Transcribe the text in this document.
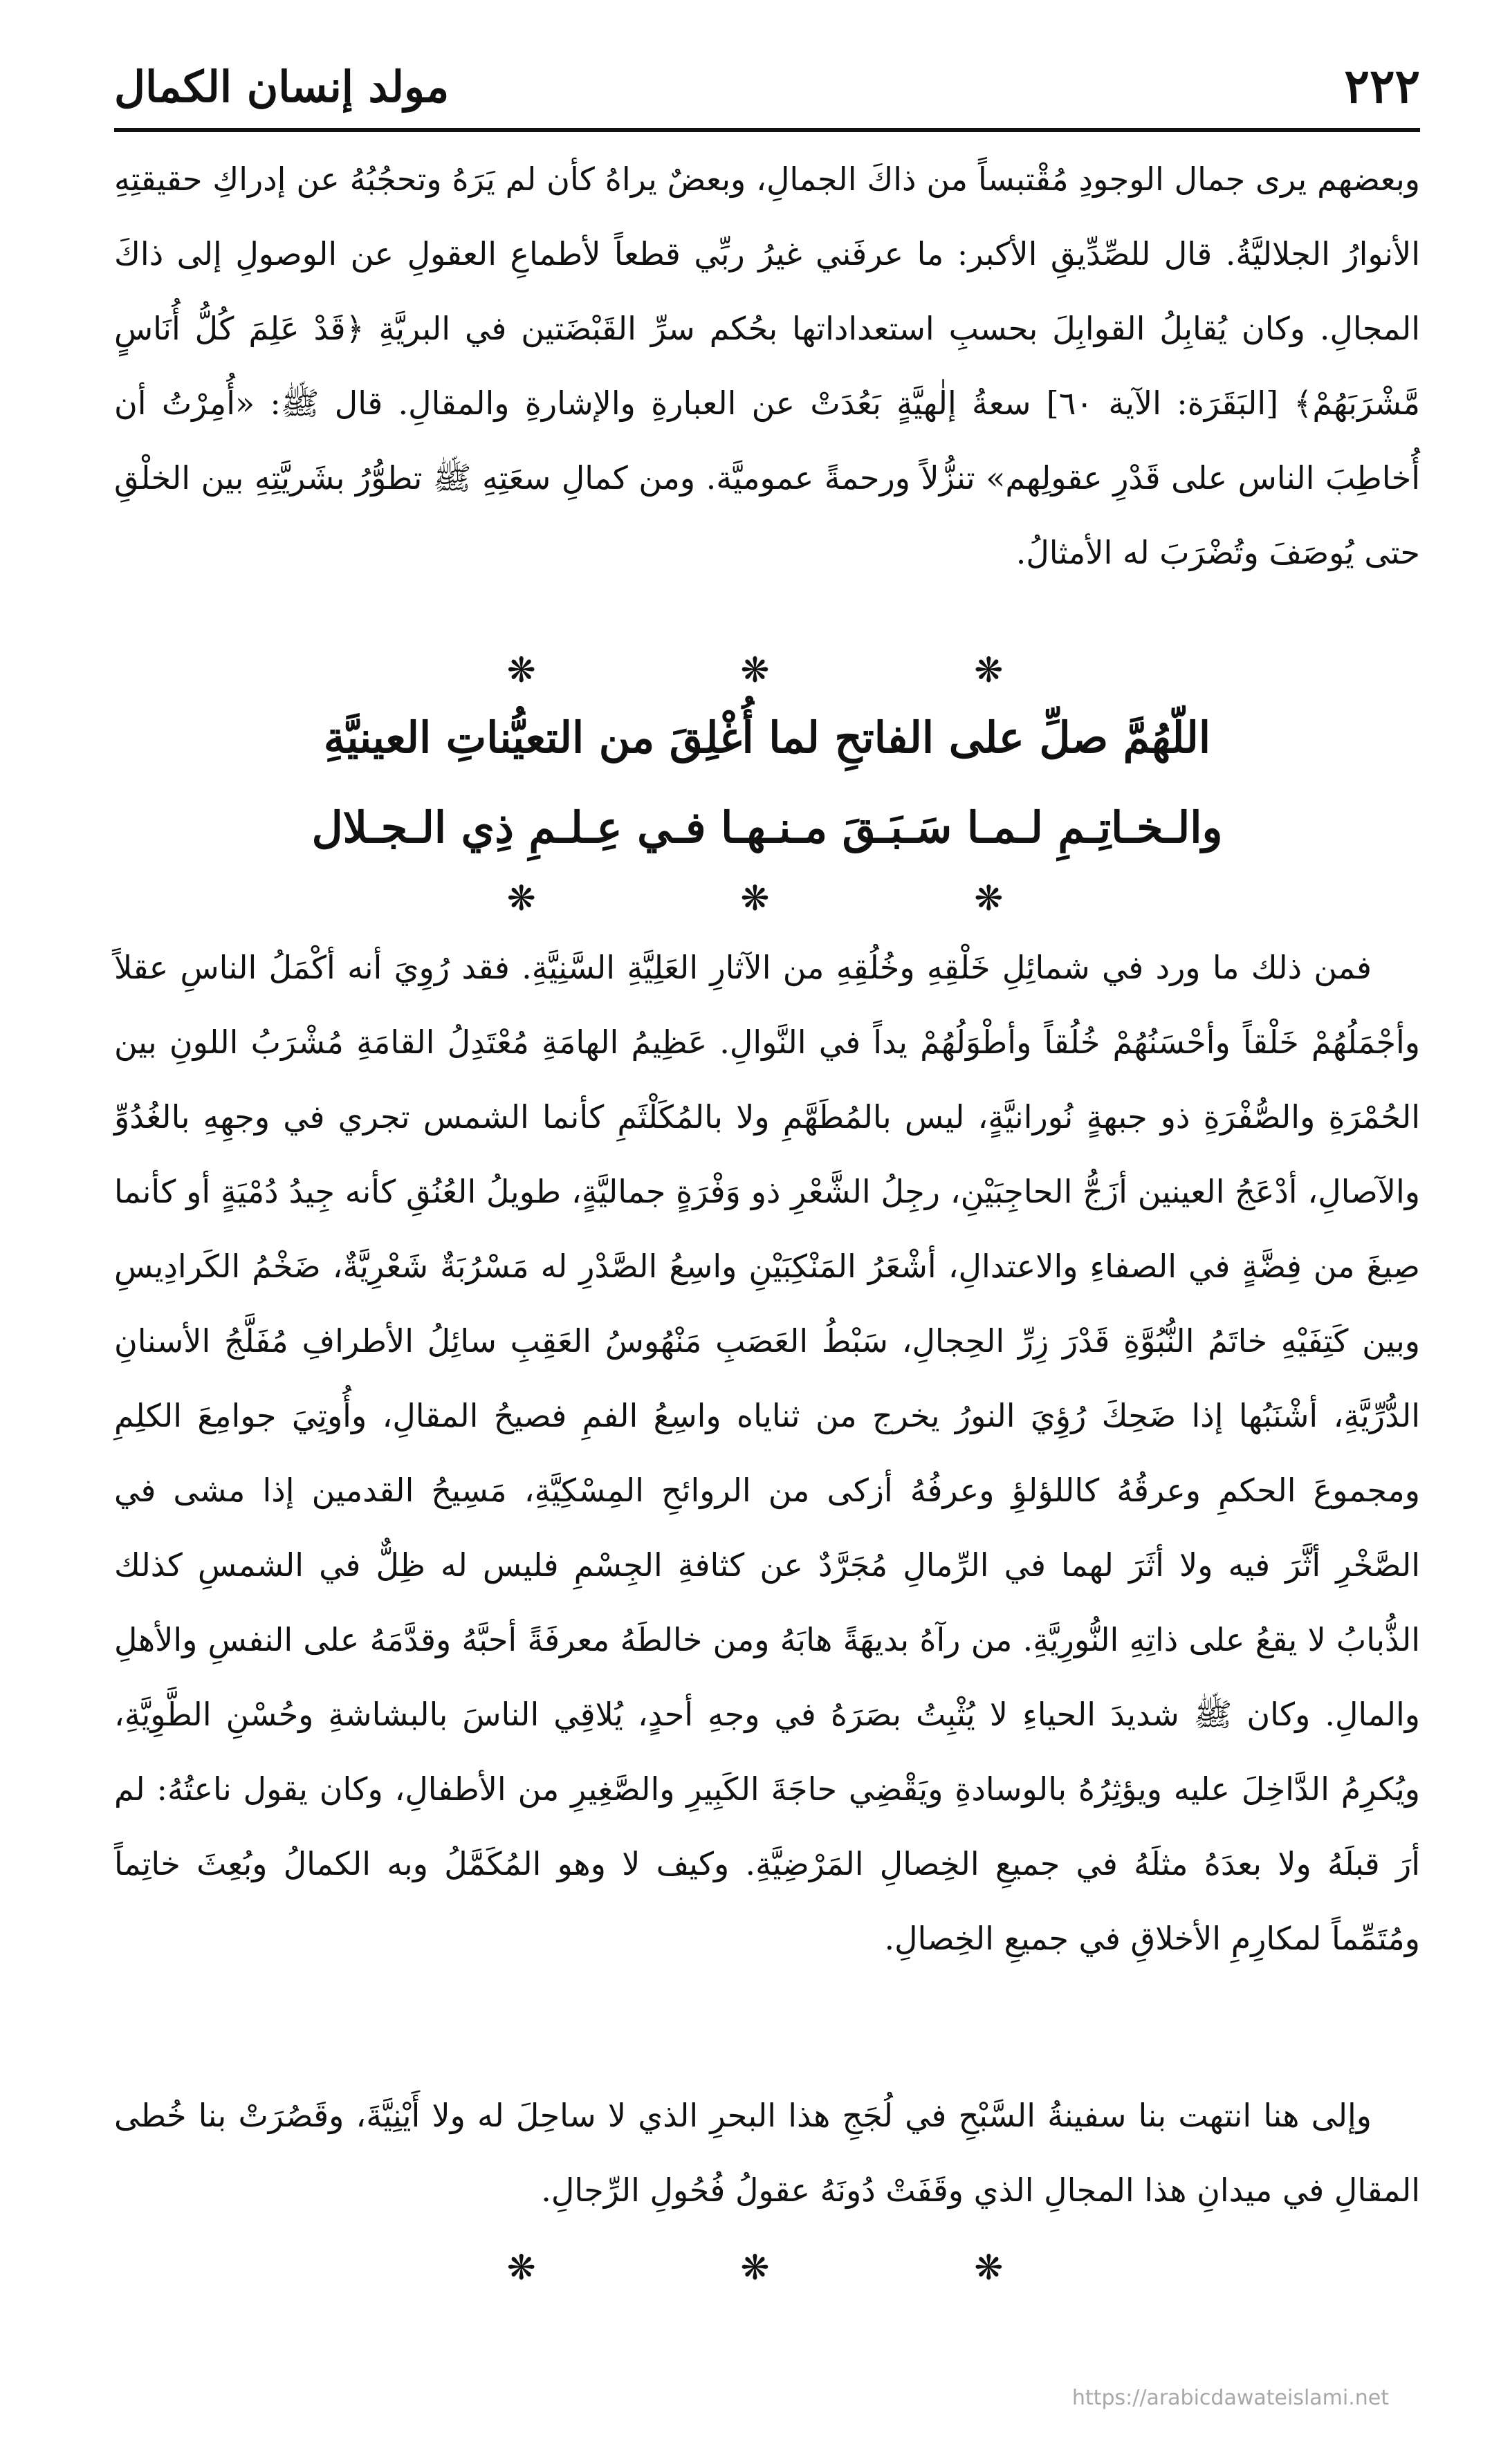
٢٢٢
مولد إنسان الكمال

وبعضهم يرى جمال الوجودِ مُقْتبساً من ذاكَ الجمالِ، وبعضٌ يراهُ كأن لم يَرَهُ وتحجُبُهُ عن إدراكِ حقيقتِهِ الأنوارُ الجلاليَّةُ. قال للصِّدِّيقِ الأكبر: ما عرفَني غيرُ ربِّي قطعاً لأطماعِ العقولِ عن الوصولِ إلى ذاكَ المجالِ. وكان يُقابِلُ القوابِلَ بحسبِ استعداداتها بحُكم سرِّ القَبْضَتين في البريَّةِ ﴿قَدْ عَلِمَ كُلُّ أُنَاسٍ مَّشْرَبَهُمْ﴾ [البَقَرَة: الآية ٦٠] سعةُ إلٰهيَّةٍ بَعُدَتْ عن العبارةِ والإشارةِ والمقالِ. قال ﷺ: «أُمِرْتُ أن أُخاطِبَ الناس على قَدْرِ عقولِهم» تنزُّلاً ورحمةً عموميَّة. ومن كمالِ سعَتِهِ ﷺ تطوُّرُ بشَريَّتِهِ بين الخلْقِ حتى يُوصَفَ وتُضْرَبَ له الأمثالُ.

❋ ❋ ❋
اللّهُمَّ صلِّ على الفاتحِ لما أُغْلِقَ من التعيُّناتِ العينيَّةِ
والـخـاتِـمِ لـمـا سَـبَـقَ مـنـهـا فـي عِـلـمِ ذِي الـجـلال
❋ ❋ ❋

فمن ذلك ما ورد في شمائِلِ خَلْقِهِ وخُلُقِهِ من الآثارِ العَلِيَّةِ السَّنِيَّةِ. فقد رُوِيَ أنه أكْمَلُ الناسِ عقلاً وأجْمَلُهُمْ خَلْقاً وأحْسَنُهُمْ خُلُقاً وأطْوَلُهُمْ يداً في النَّوالِ. عَظِيمُ الهامَةِ مُعْتَدِلُ القامَةِ مُشْرَبُ اللونِ بين الحُمْرَةِ والصُّفْرَةِ ذو جبهةٍ نُورانيَّةٍ، ليس بالمُطَهَّمِ ولا بالمُكَلْثَمِ كأنما الشمس تجري في وجهِهِ بالغُدُوِّ والآصالِ، أدْعَجُ العينين أزَجُّ الحاجِبَيْنِ، رجِلُ الشَّعْرِ ذو وَفْرَةٍ جماليَّةٍ، طويلُ العُنُقِ كأنه جِيدُ دُمْيَةٍ أو كأنما صِيغَ من فِضَّةٍ في الصفاءِ والاعتدالِ، أشْعَرُ المَنْكِبَيْنِ واسِعُ الصَّدْرِ له مَسْرُبَةٌ شَعْرِيَّةٌ، ضَخْمُ الكَرادِيسِ وبين كَتِفَيْهِ خاتَمُ النُّبُوَّةِ قَدْرَ زِرِّ الحِجالِ، سَبْطُ العَصَبِ مَنْهُوسُ العَقِبِ سائِلُ الأطرافِ مُفَلَّجُ الأسنانِ الدُّرِّيَّةِ، أشْنَبُها إذا ضَحِكَ رُؤِيَ النورُ يخرج من ثناياه واسِعُ الفمِ فصيحُ المقالِ، وأُوتِيَ جوامِعَ الكلِمِ ومجموعَ الحكمِ وعرقُهُ كاللؤلؤِ وعرفُهُ أزكى من الروائحِ المِسْكِيَّةِ، مَسِيحُ القدمين إذا مشى في الصَّخْرِ أثَّرَ فيه ولا أثَرَ لهما في الرِّمالِ مُجَرَّدٌ عن كثافةِ الجِسْمِ فليس له ظِلٌّ في الشمسِ كذلك الذُّبابُ لا يقعُ على ذاتِهِ النُّورِيَّةِ. من رآهُ بديهَةً هابَهُ ومن خالطَهُ معرفَةً أحبَّهُ وقدَّمَهُ على النفسِ والأهلِ والمالِ. وكان ﷺ شديدَ الحياءِ لا يُثْبِتُ بصَرَهُ في وجهِ أحدٍ، يُلاقِي الناسَ بالبشاشةِ وحُسْنِ الطَّوِيَّةِ، ويُكرِمُ الدَّاخِلَ عليه ويؤثِرُهُ بالوسادةِ ويَقْضِي حاجَةَ الكَبِيرِ والصَّغِيرِ من الأطفالِ، وكان يقول ناعتُهُ: لم أرَ قبلَهُ ولا بعدَهُ مثلَهُ في جميعِ الخِصالِ المَرْضِيَّةِ. وكيف لا وهو المُكَمَّلُ وبه الكمالُ وبُعِثَ خاتِماً ومُتَمِّماً لمكارِمِ الأخلاقِ في جميعِ الخِصالِ.

وإلى هنا انتهت بنا سفينةُ السَّبْحِ في لُجَجِ هذا البحرِ الذي لا ساحِلَ له ولا أَيْنِيَّةَ، وقَصُرَتْ بنا خُطى المقالِ في ميدانِ هذا المجالِ الذي وقَفَتْ دُونَهُ عقولُ فُحُولِ الرِّجالِ.

❋ ❋ ❋
https://arabicdawateislami.net
